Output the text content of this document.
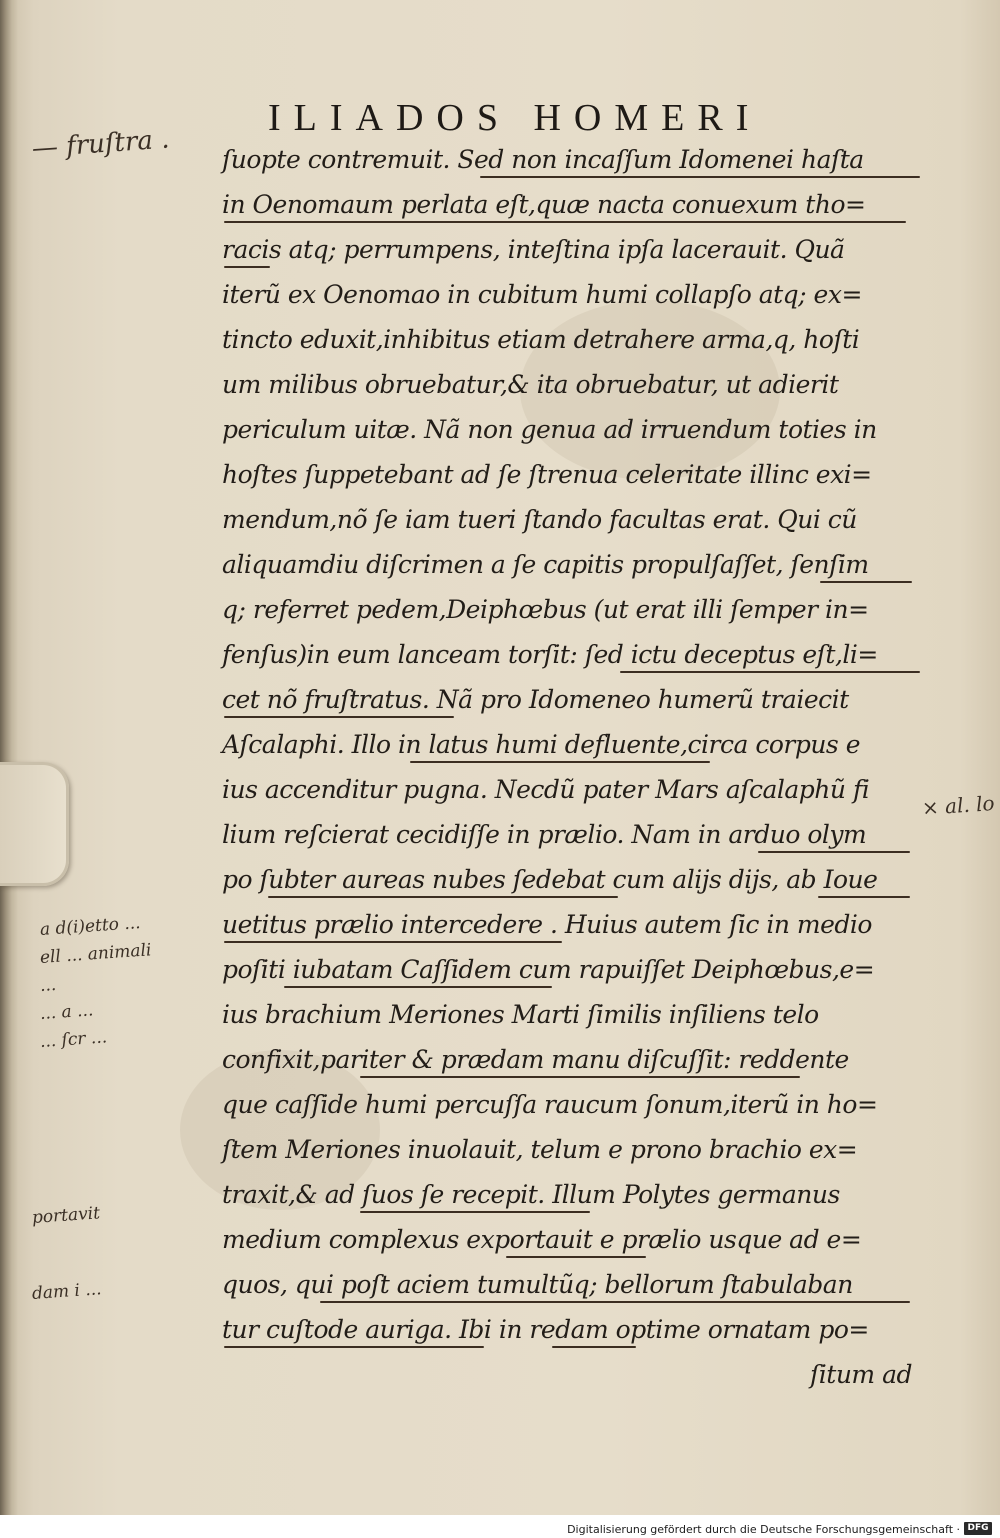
ILIADOS HOMERI
ſuopte contremuit. Sed non incaſſum Idomenei haſta
in Oenomaum perlata eſt,quæ nacta conuexum tho=
racis atq; perrumpens, inteſtina ipſa lacerauit. Quã
iterũ ex Oenomao in cubitum humi collapſo atq; ex=
tincto eduxit,inhibitus etiam detrahere arma,q, hoſti
um milibus obruebatur,& ita obruebatur, ut adierit
periculum uitæ. Nã non genua ad irruendum toties in
hoſtes ſuppetebant ad ſe ſtrenua celeritate illinc exi=
mendum,nõ ſe iam tueri ſtando facultas erat. Qui cũ
aliquamdiu diſcrimen a ſe capitis propulſaſſet, ſenſim
q; referret pedem,Deiphœbus (ut erat illi ſemper in=
fenſus)in eum lanceam torſit: ſed ictu deceptus eſt,li=
cet nõ fruſtratus. Nã pro Idomeneo humerũ traiecit
Aſcalaphi. Illo in latus humi defluente,circa corpus e
ius accenditur pugna. Necdũ pater Mars aſcalaphũ fi
lium reſcierat cecidiſſe in prælio. Nam in arduo olym
po ſubter aureas nubes ſedebat cum alijs dijs, ab Ioue
uetitus prælio intercedere . Huius autem ſic in medio
poſiti iubatam Caſſidem cum rapuiſſet Deiphœbus,e=
ius brachium Meriones Marti ſimilis inſiliens telo
confixit,pariter & prædam manu diſcuſſit: reddente
que caſſide humi percuſſa raucum ſonum,iterũ in ho=
ſtem Meriones inuolauit, telum e prono brachio ex=
traxit,& ad ſuos ſe recepit. Illum Polytes germanus
medium complexus exportauit e prælio usque ad e=
quos, qui poſt aciem tumultũq; bellorum ſtabulaban
tur cuſtode auriga. Ibi in redam optime ornatam po=
ſitum ad
— fruſtra .
× al. lo
a d(i)etto ...
ell ... animali
...
... a ...
... ſcr ...
portavit
dam i ...
Digitalisierung gefördert durch die Deutsche Forschungsgemeinschaft · DFG
